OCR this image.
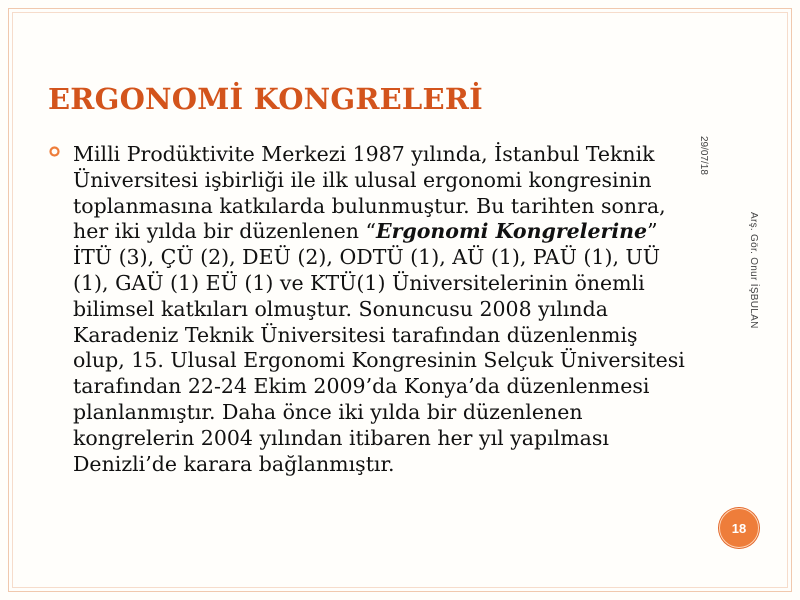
ERGONOMİ KONGRELERİ

Milli Prodüktivite Merkezi 1987 yılında, İstanbul Teknik Üniversitesi işbirliği ile ilk ulusal ergonomi kongresinin toplanmasına katkılarda bulunmuştur. Bu tarihten sonra, her iki yılda bir düzenlenen “Ergonomi Kongrelerine” İTÜ (3), ÇÜ (2), DEÜ (2), ODTÜ (1), AÜ (1), PAÜ (1), UÜ (1), GAÜ (1) EÜ (1) ve KTÜ(1) Üniversitelerinin önemli bilimsel katkıları olmuştur. Sonuncusu 2008 yılında Karadeniz Teknik Üniversitesi tarafından düzenlenmiş olup, 15. Ulusal Ergonomi Kongresinin Selçuk Üniversitesi tarafından 22-24 Ekim 2009’da Konya’da düzenlenmesi planlanmıştır. Daha önce iki yılda bir düzenlenen kongrelerin 2004 yılından itibaren her yıl yapılması Denizli’de karara bağlanmıştır.

29/07/18
Arş. Gör. Onur İŞBULAN
18
